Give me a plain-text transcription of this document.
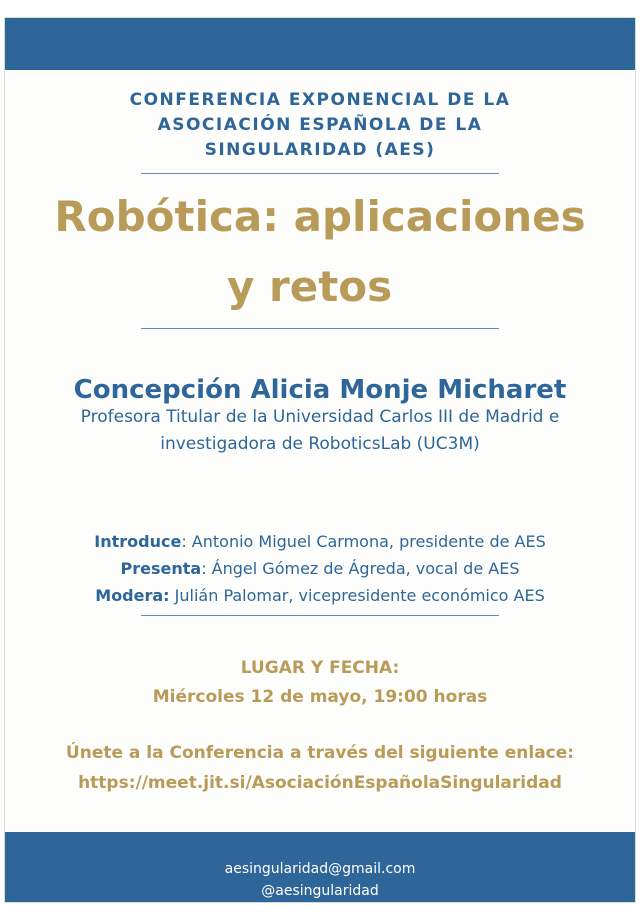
CONFERENCIA EXPONENCIAL DE LA
ASOCIACIÓN ESPAÑOLA DE LA
SINGULARIDAD (AES)
Robótica: aplicaciones
y retos
Concepción Alicia Monje Micharet
Profesora Titular de la Universidad Carlos III de Madrid e
investigadora de RoboticsLab (UC3M)
Introduce: Antonio Miguel Carmona, presidente de AES
Presenta: Ángel Gómez de Ágreda, vocal de AES
Modera: Julián Palomar, vicepresidente económico AES
LUGAR Y FECHA:
Miércoles 12 de mayo, 19:00 horas
Únete a la Conferencia a través del siguiente enlace:
https://meet.jit.si/AsociaciónEspañolaSingularidad
aesingularidad@gmail.com
@aesingularidad
